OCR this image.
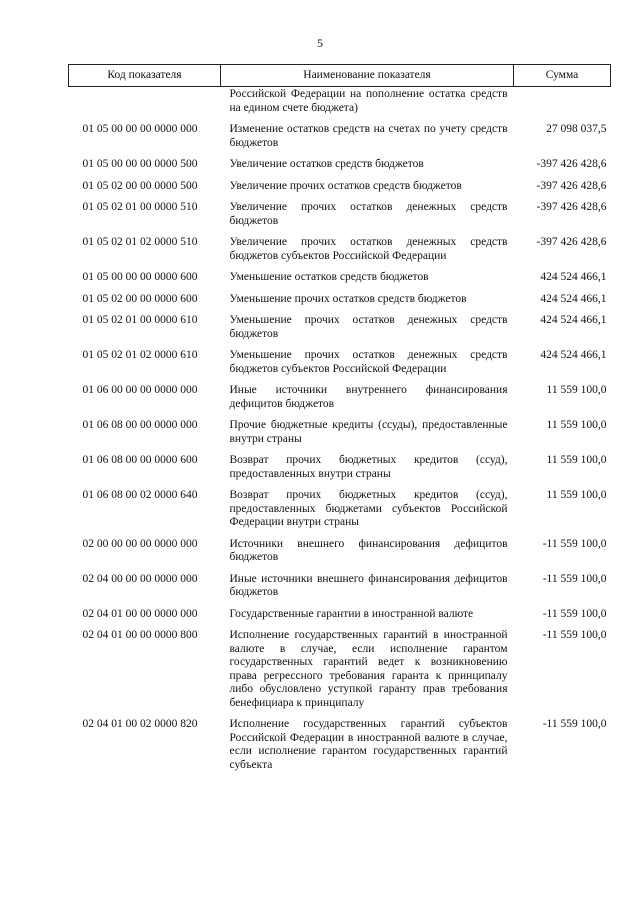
5
Код показателя	Наименование показателя	Сумма
	Российской Федерации на пополнение остатка средств на едином счете бюджета)	
01 05 00 00 00 0000 000	Изменение остатков средств на счетах по учету средств бюджетов	27 098 037,5
01 05 00 00 00 0000 500	Увеличение остатков средств бюджетов	-397 426 428,6
01 05 02 00 00 0000 500	Увеличение прочих остатков средств бюджетов	-397 426 428,6
01 05 02 01 00 0000 510	Увеличение прочих остатков денежных средств бюджетов	-397 426 428,6
01 05 02 01 02 0000 510	Увеличение прочих остатков денежных средств бюджетов субъектов Российской Федерации	-397 426 428,6
01 05 00 00 00 0000 600	Уменьшение остатков средств бюджетов	424 524 466,1
01 05 02 00 00 0000 600	Уменьшение прочих остатков средств бюджетов	424 524 466,1
01 05 02 01 00 0000 610	Уменьшение прочих остатков денежных средств бюджетов	424 524 466,1
01 05 02 01 02 0000 610	Уменьшение прочих остатков денежных средств бюджетов субъектов Российской Федерации	424 524 466,1
01 06 00 00 00 0000 000	Иные источники внутреннего финансирования дефицитов бюджетов	11 559 100,0
01 06 08 00 00 0000 000	Прочие бюджетные кредиты (ссуды), предоставленные внутри страны	11 559 100,0
01 06 08 00 00 0000 600	Возврат прочих бюджетных кредитов (ссуд), предоставленных внутри страны	11 559 100,0
01 06 08 00 02 0000 640	Возврат прочих бюджетных кредитов (ссуд), предоставленных бюджетами субъектов Российской Федерации внутри страны	11 559 100,0
02 00 00 00 00 0000 000	Источники внешнего финансирования дефицитов бюджетов	-11 559 100,0
02 04 00 00 00 0000 000	Иные источники внешнего финансирования дефицитов бюджетов	-11 559 100,0
02 04 01 00 00 0000 000	Государственные гарантии в иностранной валюте	-11 559 100,0
02 04 01 00 00 0000 800	Исполнение государственных гарантий в иностранной валюте в случае, если исполнение гарантом государственных гарантий ведет к возникновению права регрессного требования гаранта к принципалу либо обусловлено уступкой гаранту прав требования бенефициара к принципалу	-11 559 100,0
02 04 01 00 02 0000 820	Исполнение государственных гарантий субъектов Российской Федерации в иностранной валюте в случае, если исполнение гарантом государственных гарантий субъекта	-11 559 100,0
